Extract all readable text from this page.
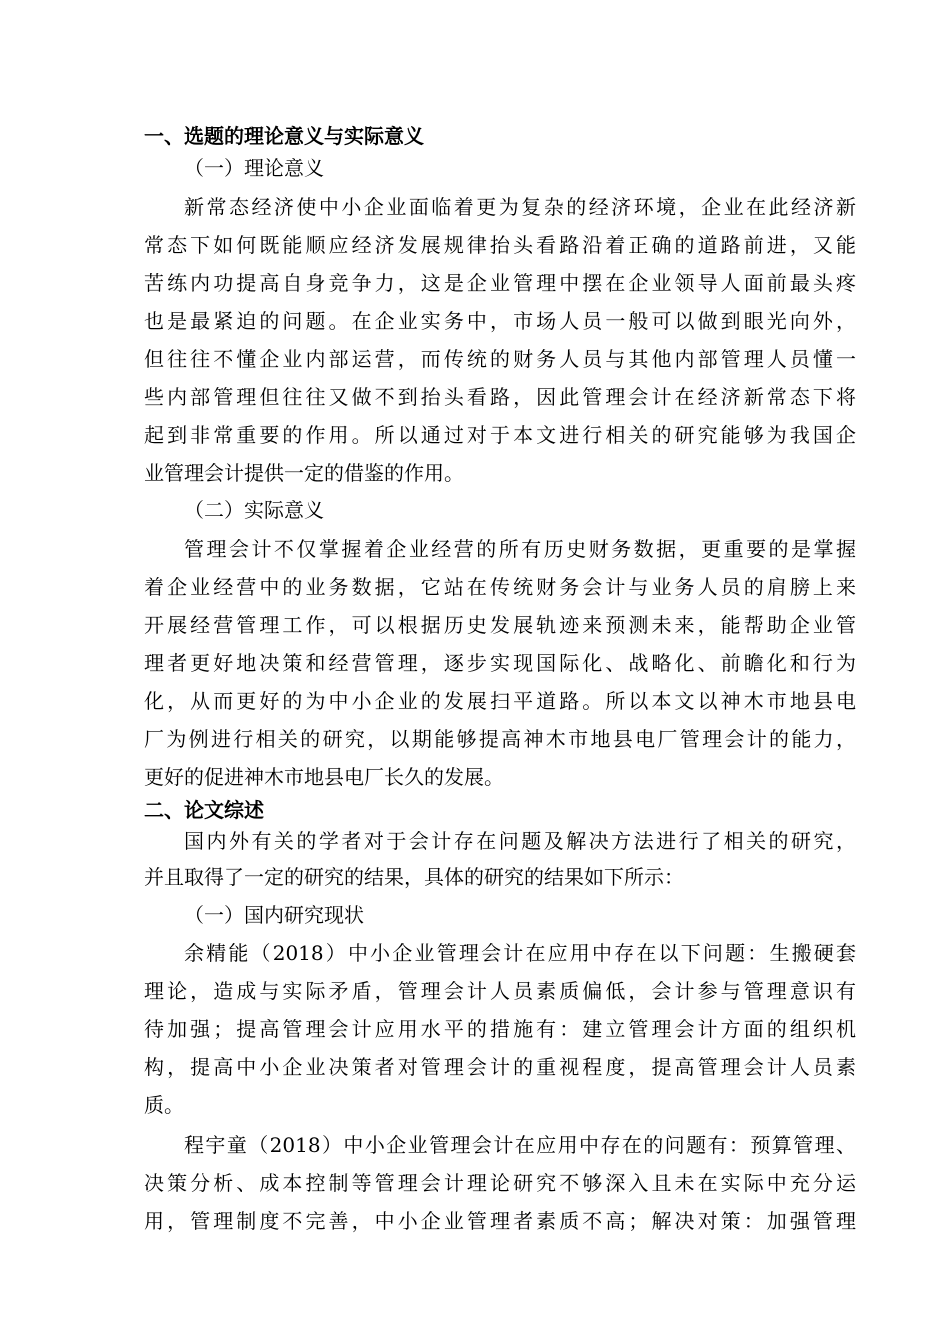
一、选题的理论意义与实际意义
（一）理论意义
新常态经济使中小企业面临着更为复杂的经济环境，企业在此经济新
常态下如何既能顺应经济发展规律抬头看路沿着正确的道路前进，又能
苦练内功提高自身竞争力，这是企业管理中摆在企业领导人面前最头疼
也是最紧迫的问题。在企业实务中，市场人员一般可以做到眼光向外，
但往往不懂企业内部运营，而传统的财务人员与其他内部管理人员懂一
些内部管理但往往又做不到抬头看路，因此管理会计在经济新常态下将
起到非常重要的作用。所以通过对于本文进行相关的研究能够为我国企
业管理会计提供一定的借鉴的作用。
（二）实际意义
管理会计不仅掌握着企业经营的所有历史财务数据，更重要的是掌握
着企业经营中的业务数据，它站在传统财务会计与业务人员的肩膀上来
开展经营管理工作，可以根据历史发展轨迹来预测未来，能帮助企业管
理者更好地决策和经营管理，逐步实现国际化、战略化、前瞻化和行为
化，从而更好的为中小企业的发展扫平道路。所以本文以神木市地县电
厂为例进行相关的研究，以期能够提高神木市地县电厂管理会计的能力，
更好的促进神木市地县电厂长久的发展。
二、论文综述
国内外有关的学者对于会计存在问题及解决方法进行了相关的研究，
并且取得了一定的研究的结果，具体的研究的结果如下所示：
（一）国内研究现状
余精能（2018）中小企业管理会计在应用中存在以下问题：生搬硬套
理论，造成与实际矛盾，管理会计人员素质偏低，会计参与管理意识有
待加强；提高管理会计应用水平的措施有：建立管理会计方面的组织机
构，提高中小企业决策者对管理会计的重视程度，提高管理会计人员素
质。
程宇童（2018）中小企业管理会计在应用中存在的问题有：预算管理、
决策分析、成本控制等管理会计理论研究不够深入且未在实际中充分运
用，管理制度不完善，中小企业管理者素质不高；解决对策：加强管理
